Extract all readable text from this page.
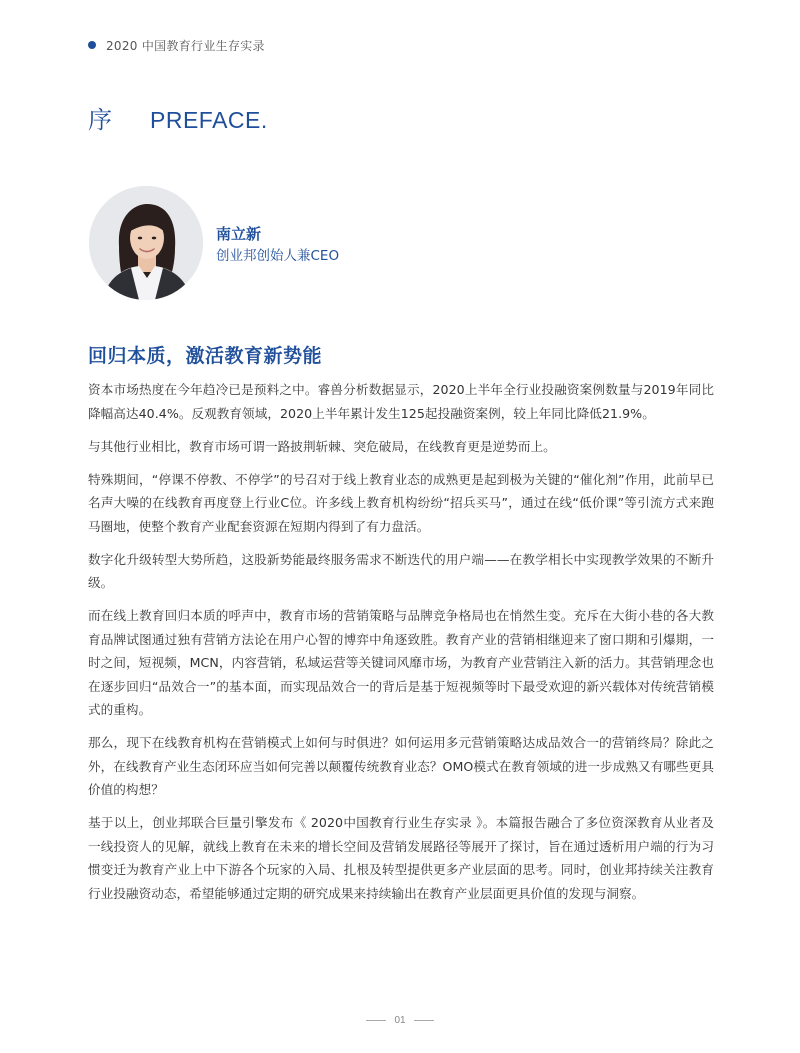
2020 中国教育行业生存实录
序 PREFACE.
南立新
创业邦创始人兼CEO
回归本质，激活教育新势能

资本市场热度在今年趋冷已是预料之中。睿兽分析数据显示，2020上半年全行业投融资案例数量与2019年同比降幅高达40.4%。反观教育领域，2020上半年累计发生125起投融资案例，较上年同比降低21.9%。

与其他行业相比，教育市场可谓一路披荆斩棘、突危破局，在线教育更是逆势而上。

特殊期间，“停课不停教、不停学”的号召对于线上教育业态的成熟更是起到极为关键的“催化剂”作用，此前早已名声大噪的在线教育再度登上行业C位。许多线上教育机构纷纷“招兵买马”，通过在线“低价课”等引流方式来跑马圈地，使整个教育产业配套资源在短期内得到了有力盘活。

数字化升级转型大势所趋，这股新势能最终服务需求不断迭代的用户端——在教学相长中实现教学效果的不断升级。

而在线上教育回归本质的呼声中，教育市场的营销策略与品牌竞争格局也在悄然生变。充斥在大街小巷的各大教育品牌试图通过独有营销方法论在用户心智的博弈中角逐致胜。教育产业的营销相继迎来了窗口期和引爆期，一时之间，短视频，MCN，内容营销，私域运营等关键词风靡市场，为教育产业营销注入新的活力。其营销理念也在逐步回归“品效合一”的基本面，而实现品效合一的背后是基于短视频等时下最受欢迎的新兴载体对传统营销模式的重构。

那么，现下在线教育机构在营销模式上如何与时俱进？如何运用多元营销策略达成品效合一的营销终局？除此之外，在线教育产业生态闭环应当如何完善以颠覆传统教育业态？OMO模式在教育领域的进一步成熟又有哪些更具价值的构想？

基于以上，创业邦联合巨量引擎发布《 2020中国教育行业生存实录 》。本篇报告融合了多位资深教育从业者及一线投资人的见解，就线上教育在未来的增长空间及营销发展路径等展开了探讨，旨在通过透析用户端的行为习惯变迁为教育产业上中下游各个玩家的入局、扎根及转型提供更多产业层面的思考。同时，创业邦持续关注教育行业投融资动态，希望能够通过定期的研究成果来持续输出在教育产业层面更具价值的发现与洞察。

01
